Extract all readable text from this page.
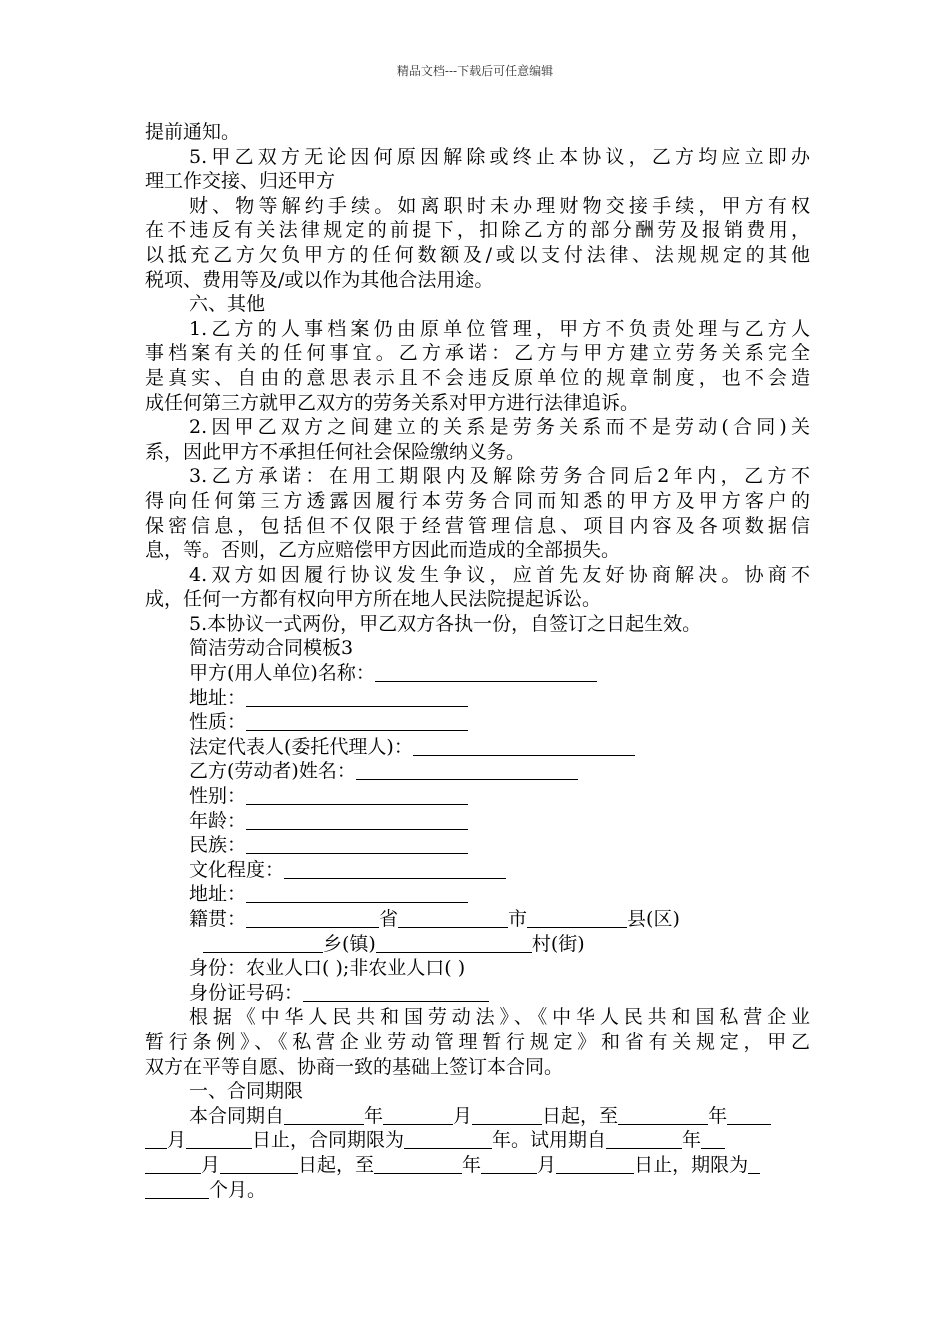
精品文档---下载后可任意编辑

提前通知。

5.甲乙双方无论因何原因解除或终止本协议，乙方均应立即办

理工作交接、归还甲方

财、物等解约手续。如离职时未办理财物交接手续，甲方有权

在不违反有关法律规定的前提下，扣除乙方的部分酬劳及报销费用，

以抵充乙方欠负甲方的任何数额及/或以支付法律、法规规定的其他

税项、费用等及/或以作为其他合法用途。

六、其他

1.乙方的人事档案仍由原单位管理，甲方不负责处理与乙方人

事档案有关的任何事宜。乙方承诺：乙方与甲方建立劳务关系完全

是真实、自由的意思表示且不会违反原单位的规章制度，也不会造

成任何第三方就甲乙双方的劳务关系对甲方进行法律追诉。

2.因甲乙双方之间建立的关系是劳务关系而不是劳动(合同)关

系，因此甲方不承担任何社会保险缴纳义务。

3.乙方承诺：在用工期限内及解除劳务合同后2年内，乙方不

得向任何第三方透露因履行本劳务合同而知悉的甲方及甲方客户的

保密信息，包括但不仅限于经营管理信息、项目内容及各项数据信

息，等。否则，乙方应赔偿甲方因此而造成的全部损失。

4.双方如因履行协议发生争议，应首先友好协商解决。协商不

成，任何一方都有权向甲方所在地人民法院提起诉讼。

5.本协议一式两份，甲乙双方各执一份，自签订之日起生效。

简洁劳动合同模板3

甲方(用人单位)名称：

地址：

性质：

法定代表人(委托代理人)：

乙方(劳动者)姓名：

性别：

年龄：

民族：

文化程度：

地址：

籍贯：	省	市	县(区)

乡(镇)	村(街)

身份：农业人口( );非农业人口( )

身份证号码：

根据《中华人民共和国劳动法》、《中华人民共和国私营企业

暂行条例》、《私营企业劳动管理暂行规定》和省有关规定，甲乙

双方在平等自愿、协商一致的基础上签订本合同。

一、合同期限

本合同期自	年	月	日起，至	年

月	日止，合同期限为	年。试用期自	年

月	日起，至	年	月	日止，期限为

个月。
